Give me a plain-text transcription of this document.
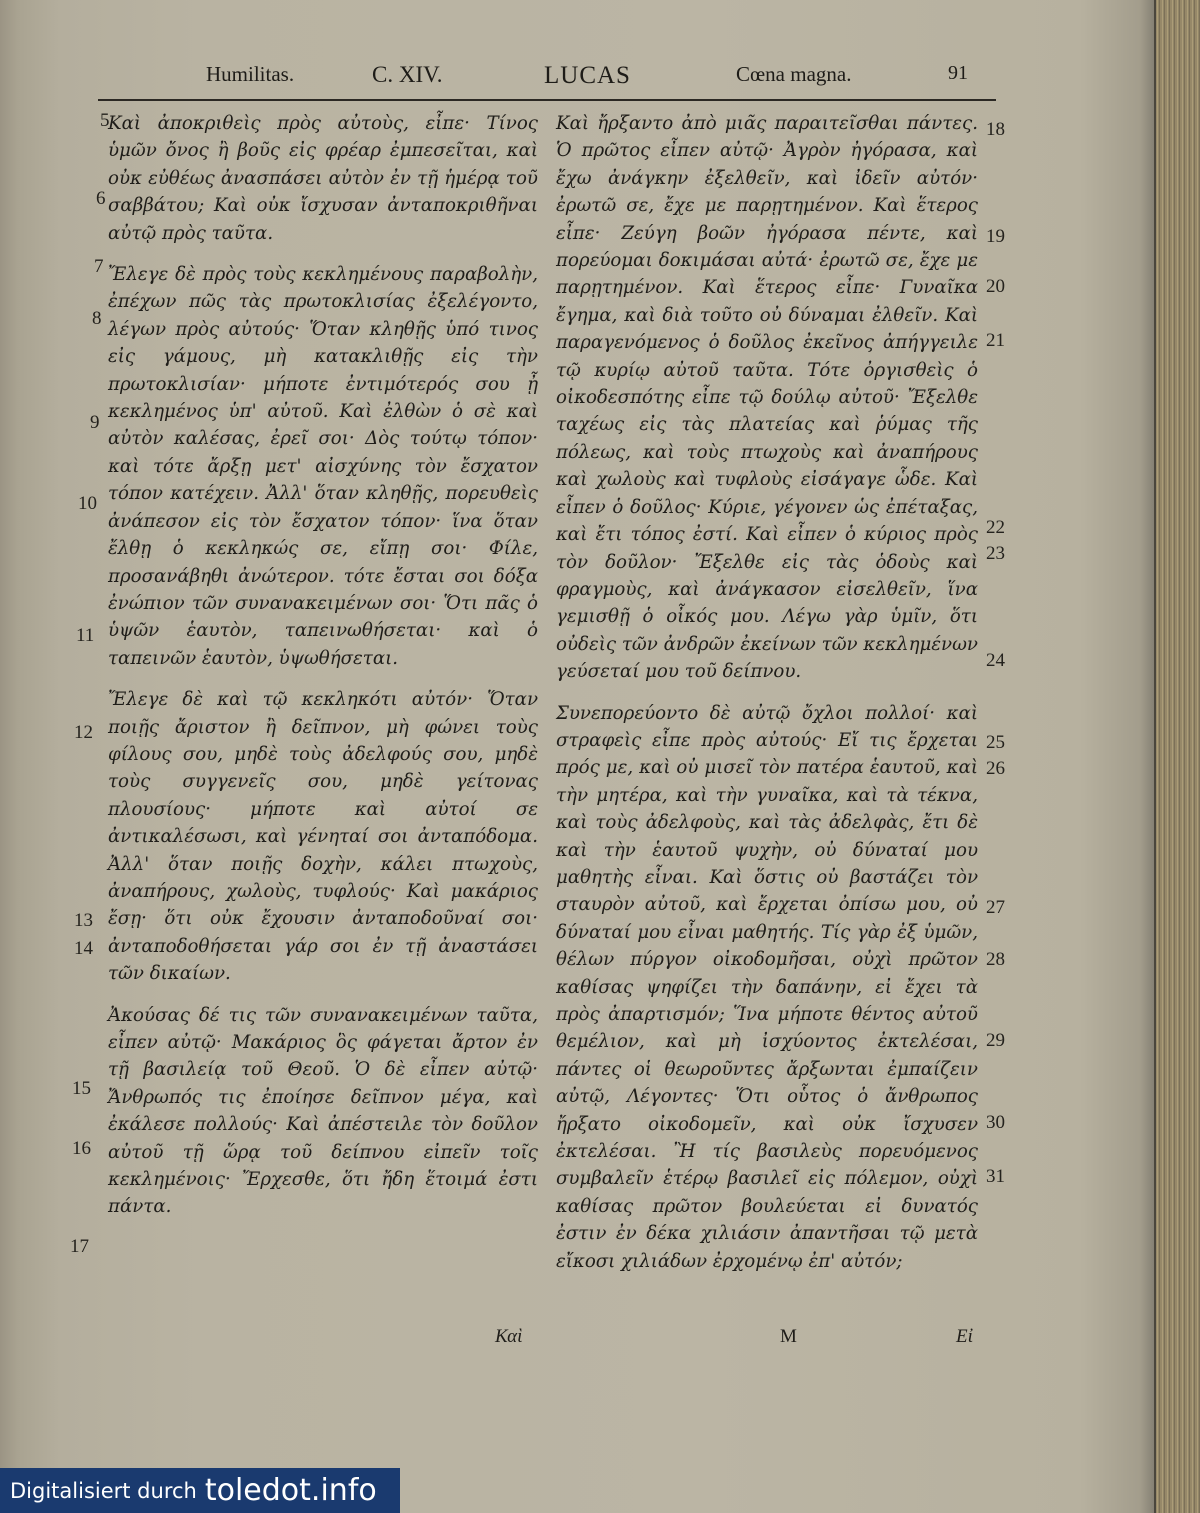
Humilitas.	C. XIV.	LUCAS	Cœna magna.	91

Καὶ ἀποκριθεὶς πρὸς αὐτοὺς, εἶπε· Τίνος ὑμῶν ὄνος ἢ βοῦς εἰς φρέαρ ἐμπεσεῖται, καὶ οὐκ εὐθέως ἀνασπάσει αὐτὸν ἐν τῇ ἡμέρᾳ τοῦ σαββάτου; Καὶ οὐκ ἴσχυσαν ἀνταποκριθῆναι αὐτῷ πρὸς ταῦτα.

Ἔλεγε δὲ πρὸς τοὺς κεκλημένους παραβολὴν, ἐπέχων πῶς τὰς πρωτοκλισίας ἐξελέγοντο, λέγων πρὸς αὐτούς· Ὅταν κληθῇς ὑπό τινος εἰς γάμους, μὴ κατακλιθῇς εἰς τὴν πρωτοκλισίαν· μήποτε ἐντιμότερός σου ᾖ κεκλημένος ὑπ' αὐτοῦ. Καὶ ἐλθὼν ὁ σὲ καὶ αὐτὸν καλέσας, ἐρεῖ σοι· Δὸς τούτῳ τόπον· καὶ τότε ἄρξῃ μετ' αἰσχύνης τὸν ἔσχατον τόπον κατέχειν. Ἀλλ' ὅταν κληθῇς, πορευθεὶς ἀνάπεσον εἰς τὸν ἔσχατον τόπον· ἵνα ὅταν ἔλθῃ ὁ κεκληκώς σε, εἴπῃ σοι· Φίλε, προσανάβηθι ἀνώτερον. τότε ἔσται σοι δόξα ἐνώπιον τῶν συνανακειμένων σοι· Ὅτι πᾶς ὁ ὑψῶν ἑαυτὸν, ταπεινωθήσεται· καὶ ὁ ταπεινῶν ἑαυτὸν, ὑψωθήσεται.

Ἔλεγε δὲ καὶ τῷ κεκληκότι αὐτόν· Ὅταν ποιῇς ἄριστον ἢ δεῖπνον, μὴ φώνει τοὺς φίλους σου, μηδὲ τοὺς ἀδελφούς σου, μηδὲ τοὺς συγγενεῖς σου, μηδὲ γείτονας πλουσίους· μήποτε καὶ αὐτοί σε ἀντικαλέσωσι, καὶ γένηταί σοι ἀνταπόδομα. Ἀλλ' ὅταν ποιῇς δοχὴν, κάλει πτωχοὺς, ἀναπήρους, χωλοὺς, τυφλούς· Καὶ μακάριος ἔσῃ· ὅτι οὐκ ἔχουσιν ἀνταποδοῦναί σοι· ἀνταποδοθήσεται γάρ σοι ἐν τῇ ἀναστάσει τῶν δικαίων.

Ἀκούσας δέ τις τῶν συνανακειμένων ταῦτα, εἶπεν αὐτῷ· Μακάριος ὃς φάγεται ἄρτον ἐν τῇ βασιλείᾳ τοῦ Θεοῦ. Ὁ δὲ εἶπεν αὐτῷ· Ἄνθρωπός τις ἐποίησε δεῖπνον μέγα, καὶ ἐκάλεσε πολλούς· Καὶ ἀπέστειλε τὸν δοῦλον αὐτοῦ τῇ ὥρᾳ τοῦ δείπνου εἰπεῖν τοῖς κεκλημένοις· Ἔρχεσθε, ὅτι ἤδη ἕτοιμά ἐστι πάντα.

Καὶ ἤρξαντο ἀπὸ μιᾶς παραιτεῖσθαι πάντες. Ὁ πρῶτος εἶπεν αὐτῷ· Ἀγρὸν ἠγόρασα, καὶ ἔχω ἀνάγκην ἐξελθεῖν, καὶ ἰδεῖν αὐτόν· ἐρωτῶ σε, ἔχε με παρῃτημένον. Καὶ ἕτερος εἶπε· Ζεύγη βοῶν ἠγόρασα πέντε, καὶ πορεύομαι δοκιμάσαι αὐτά· ἐρωτῶ σε, ἔχε με παρῃτημένον. Καὶ ἕτερος εἶπε· Γυναῖκα ἔγημα, καὶ διὰ τοῦτο οὐ δύναμαι ἐλθεῖν. Καὶ παραγενόμενος ὁ δοῦλος ἐκεῖνος ἀπήγγειλε τῷ κυρίῳ αὐτοῦ ταῦτα. Τότε ὀργισθεὶς ὁ οἰκοδεσπότης εἶπε τῷ δούλῳ αὐτοῦ· Ἔξελθε ταχέως εἰς τὰς πλατείας καὶ ῥύμας τῆς πόλεως, καὶ τοὺς πτωχοὺς καὶ ἀναπήρους καὶ χωλοὺς καὶ τυφλοὺς εἰσάγαγε ὧδε. Καὶ εἶπεν ὁ δοῦλος· Κύριε, γέγονεν ὡς ἐπέταξας, καὶ ἔτι τόπος ἐστί. Καὶ εἶπεν ὁ κύριος πρὸς τὸν δοῦλον· Ἔξελθε εἰς τὰς ὁδοὺς καὶ φραγμοὺς, καὶ ἀνάγκασον εἰσελθεῖν, ἵνα γεμισθῇ ὁ οἶκός μου. Λέγω γὰρ ὑμῖν, ὅτι οὐδεὶς τῶν ἀνδρῶν ἐκείνων τῶν κεκλημένων γεύσεταί μου τοῦ δείπνου.

Συνεπορεύοντο δὲ αὐτῷ ὄχλοι πολλοί· καὶ στραφεὶς εἶπε πρὸς αὐτούς· Εἴ τις ἔρχεται πρός με, καὶ οὐ μισεῖ τὸν πατέρα ἑαυτοῦ, καὶ τὴν μητέρα, καὶ τὴν γυναῖκα, καὶ τὰ τέκνα, καὶ τοὺς ἀδελφοὺς, καὶ τὰς ἀδελφὰς, ἔτι δὲ καὶ τὴν ἑαυτοῦ ψυχὴν, οὐ δύναταί μου μαθητὴς εἶναι. Καὶ ὅστις οὐ βαστάζει τὸν σταυρὸν αὐτοῦ, καὶ ἔρχεται ὀπίσω μου, οὐ δύναταί μου εἶναι μαθητής. Τίς γὰρ ἐξ ὑμῶν, θέλων πύργον οἰκοδομῆσαι, οὐχὶ πρῶτον καθίσας ψηφίζει τὴν δαπάνην, εἰ ἔχει τὰ πρὸς ἀπαρτισμόν; Ἵνα μήποτε θέντος αὐτοῦ θεμέλιον, καὶ μὴ ἰσχύοντος ἐκτελέσαι, πάντες οἱ θεωροῦντες ἄρξωνται ἐμπαίζειν αὐτῷ, Λέγοντες· Ὅτι οὗτος ὁ ἄνθρωπος ἤρξατο οἰκοδομεῖν, καὶ οὐκ ἴσχυσεν ἐκτελέσαι. Ἢ τίς βασιλεὺς πορευόμενος συμβαλεῖν ἑτέρῳ βασιλεῖ εἰς πόλεμον, οὐχὶ καθίσας πρῶτον βουλεύεται εἰ δυνατός ἐστιν ἐν δέκα χιλιάσιν ἀπαντῆσαι τῷ μετὰ εἴκοσι χιλιάδων ἐρχομένῳ ἐπ' αὐτόν;

5
6
7
8
9
10
11
12
13
14
15
16
17
18
19
20
21
22
23
24
25
26
27
28
29
30
31
Καὶ	M	Εἰ
Digitalisiert durch toledot.info
